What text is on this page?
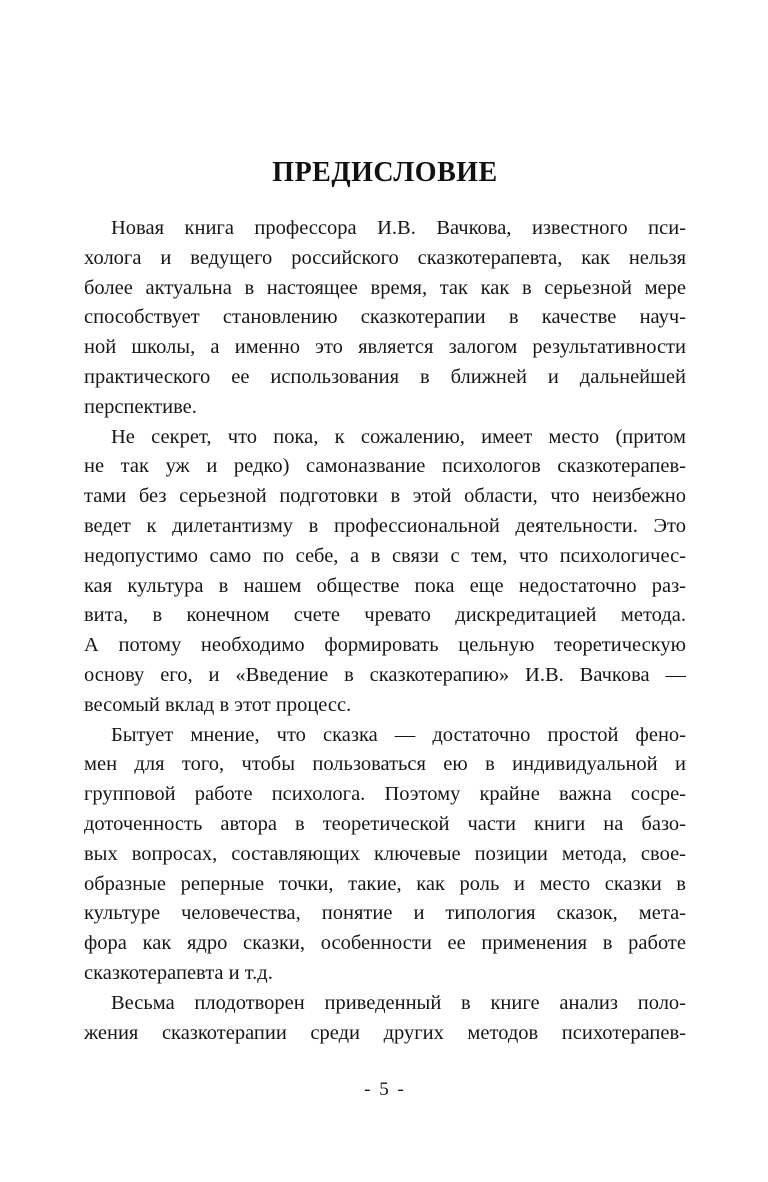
ПРЕДИСЛОВИЕ
Новая книга профессора И.В. Вачкова, известного пси-
холога и ведущего российского сказкотерапевта, как нельзя
более актуальна в настоящее время, так как в серьезной мере
способствует становлению сказкотерапии в качестве науч-
ной школы, а именно это является залогом результативности
практического ее использования в ближней и дальнейшей
перспективе.
Не секрет, что пока, к сожалению, имеет место (притом
не так уж и редко) самоназвание психологов сказкотерапев-
тами без серьезной подготовки в этой области, что неизбежно
ведет к дилетантизму в профессиональной деятельности. Это
недопустимо само по себе, а в связи с тем, что психологичес-
кая культура в нашем обществе пока еще недостаточно раз-
вита, в конечном счете чревато дискредитацией метода.
А потому необходимо формировать цельную теоретическую
основу его, и «Введение в сказкотерапию» И.В. Вачкова —
весомый вклад в этот процесс.
Бытует мнение, что сказка — достаточно простой фено-
мен для того, чтобы пользоваться ею в индивидуальной и
групповой работе психолога. Поэтому крайне важна сосре-
доточенность автора в теоретической части книги на базо-
вых вопросах, составляющих ключевые позиции метода, свое-
образные реперные точки, такие, как роль и место сказки в
культуре человечества, понятие и типология сказок, мета-
фора как ядро сказки, особенности ее применения в работе
сказкотерапевта и т.д.
Весьма плодотворен приведенный в книге анализ поло-
жения сказкотерапии среди других методов психотерапев-
- 5 -
